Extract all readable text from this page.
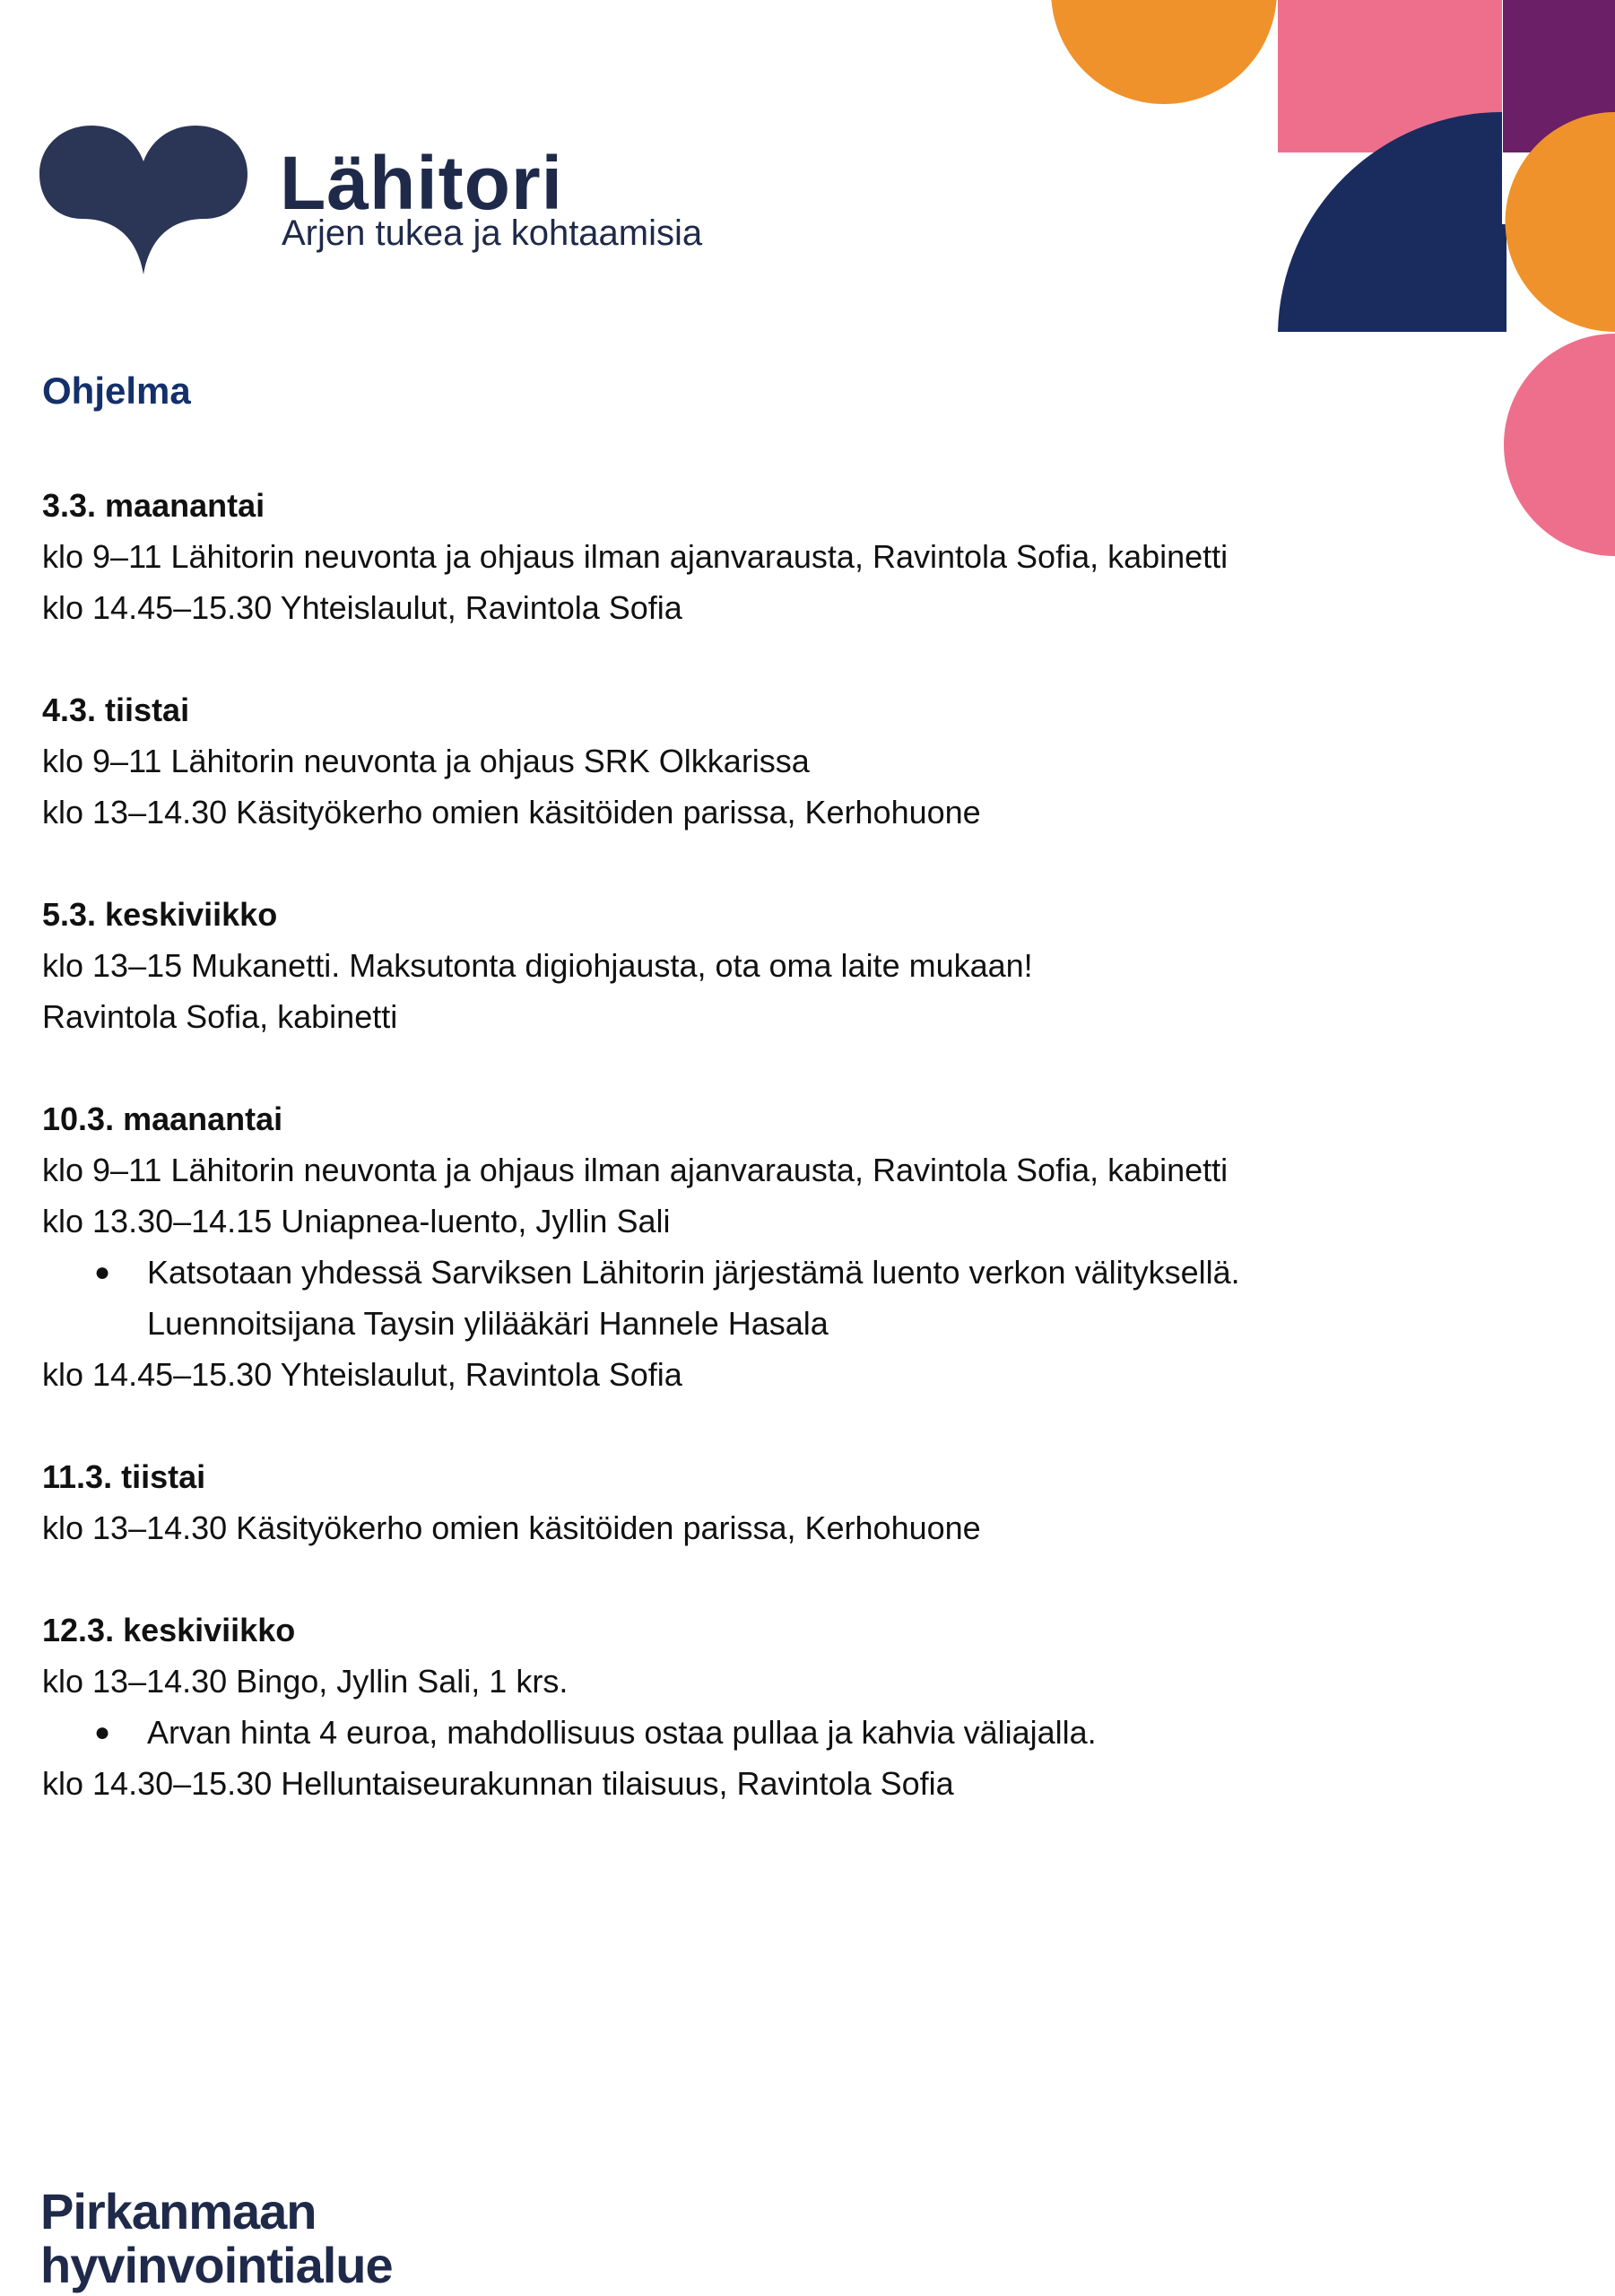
Lähitori
Arjen tukea ja kohtaamisia
Ohjelma
3.3. maanantai
klo 9–11 Lähitorin neuvonta ja ohjaus ilman ajanvarausta, Ravintola Sofia, kabinetti
klo 14.45–15.30 Yhteislaulut, Ravintola Sofia
4.3. tiistai
klo 9–11 Lähitorin neuvonta ja ohjaus SRK Olkkarissa
klo 13–14.30 Käsityökerho omien käsitöiden parissa, Kerhohuone
5.3. keskiviikko
klo 13–15 Mukanetti. Maksutonta digiohjausta, ota oma laite mukaan!
Ravintola Sofia, kabinetti
10.3. maanantai
klo 9–11 Lähitorin neuvonta ja ohjaus ilman ajanvarausta, Ravintola Sofia, kabinetti
klo 13.30–14.15 Uniapnea-luento, Jyllin Sali
● Katsotaan yhdessä Sarviksen Lähitorin järjestämä luento verkon välityksellä.
Luennoitsijana Taysin ylilääkäri Hannele Hasala
klo 14.45–15.30 Yhteislaulut, Ravintola Sofia
11.3. tiistai
klo 13–14.30 Käsityökerho omien käsitöiden parissa, Kerhohuone
12.3. keskiviikko
klo 13–14.30 Bingo, Jyllin Sali, 1 krs.
● Arvan hinta 4 euroa, mahdollisuus ostaa pullaa ja kahvia väliajalla.
klo 14.30–15.30 Helluntaiseurakunnan tilaisuus, Ravintola Sofia
Pirkanmaan
hyvinvointialue
